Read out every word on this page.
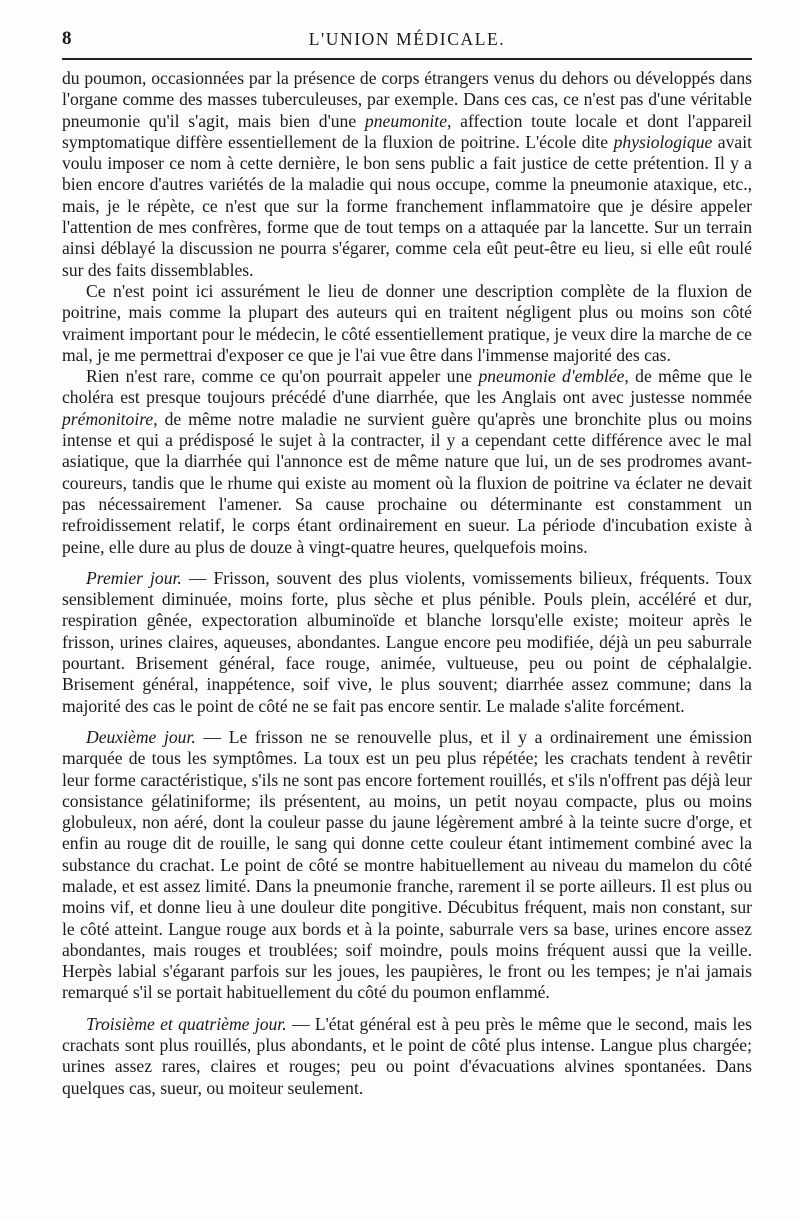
8	L'UNION MÉDICALE.

du poumon, occasionnées par la présence de corps étrangers venus du dehors ou développés dans l'organe comme des masses tuberculeuses, par exemple. Dans ces cas, ce n'est pas d'une véritable pneumonie qu'il s'agit, mais bien d'une pneumonite, affection toute locale et dont l'appareil symptomatique diffère essentiellement de la fluxion de poitrine. L'école dite physiologique avait voulu imposer ce nom à cette dernière, le bon sens public a fait justice de cette prétention. Il y a bien encore d'autres variétés de la maladie qui nous occupe, comme la pneumonie ataxique, etc., mais, je le répète, ce n'est que sur la forme franchement inflammatoire que je désire appeler l'attention de mes confrères, forme que de tout temps on a attaquée par la lancette. Sur un terrain ainsi déblayé la discussion ne pourra s'égarer, comme cela eût peut-être eu lieu, si elle eût roulé sur des faits dissemblables.

Ce n'est point ici assurément le lieu de donner une description complète de la fluxion de poitrine, mais comme la plupart des auteurs qui en traitent négligent plus ou moins son côté vraiment important pour le médecin, le côté essentiellement pratique, je veux dire la marche de ce mal, je me permettrai d'exposer ce que je l'ai vue être dans l'immense majorité des cas.

Rien n'est rare, comme ce qu'on pourrait appeler une pneumonie d'emblée, de même que le choléra est presque toujours précédé d'une diarrhée, que les Anglais ont avec justesse nommée prémonitoire, de même notre maladie ne survient guère qu'après une bronchite plus ou moins intense et qui a prédisposé le sujet à la contracter, il y a cependant cette différence avec le mal asiatique, que la diarrhée qui l'annonce est de même nature que lui, un de ses prodromes avant-coureurs, tandis que le rhume qui existe au moment où la fluxion de poitrine va éclater ne devait pas nécessairement l'amener. Sa cause prochaine ou déterminante est constamment un refroidissement relatif, le corps étant ordinairement en sueur. La période d'incubation existe à peine, elle dure au plus de douze à vingt-quatre heures, quelquefois moins.

Premier jour. — Frisson, souvent des plus violents, vomissements bilieux, fréquents. Toux sensiblement diminuée, moins forte, plus sèche et plus pénible. Pouls plein, accéléré et dur, respiration gênée, expectoration albuminoïde et blanche lorsqu'elle existe; moiteur après le frisson, urines claires, aqueuses, abondantes. Langue encore peu modifiée, déjà un peu saburrale pourtant. Brisement général, face rouge, animée, vultueuse, peu ou point de céphalalgie. Brisement général, inappétence, soif vive, le plus souvent; diarrhée assez commune; dans la majorité des cas le point de côté ne se fait pas encore sentir. Le malade s'alite forcément.

Deuxième jour. — Le frisson ne se renouvelle plus, et il y a ordinairement une émission marquée de tous les symptômes. La toux est un peu plus répétée; les crachats tendent à revêtir leur forme caractéristique, s'ils ne sont pas encore fortement rouillés, et s'ils n'offrent pas déjà leur consistance gélatiniforme; ils présentent, au moins, un petit noyau compacte, plus ou moins globuleux, non aéré, dont la couleur passe du jaune légèrement ambré à la teinte sucre d'orge, et enfin au rouge dit de rouille, le sang qui donne cette couleur étant intimement combiné avec la substance du crachat. Le point de côté se montre habituellement au niveau du mamelon du côté malade, et est assez limité. Dans la pneumonie franche, rarement il se porte ailleurs. Il est plus ou moins vif, et donne lieu à une douleur dite pongitive. Décubitus fréquent, mais non constant, sur le côté atteint. Langue rouge aux bords et à la pointe, saburrale vers sa base, urines encore assez abondantes, mais rouges et troublées; soif moindre, pouls moins fréquent aussi que la veille. Herpès labial s'égarant parfois sur les joues, les paupières, le front ou les tempes; je n'ai jamais remarqué s'il se portait habituellement du côté du poumon enflammé.

Troisième et quatrième jour. — L'état général est à peu près le même que le second, mais les crachats sont plus rouillés, plus abondants, et le point de côté plus intense. Langue plus chargée; urines assez rares, claires et rouges; peu ou point d'évacuations alvines spontanées. Dans quelques cas, sueur, ou moiteur seulement.
